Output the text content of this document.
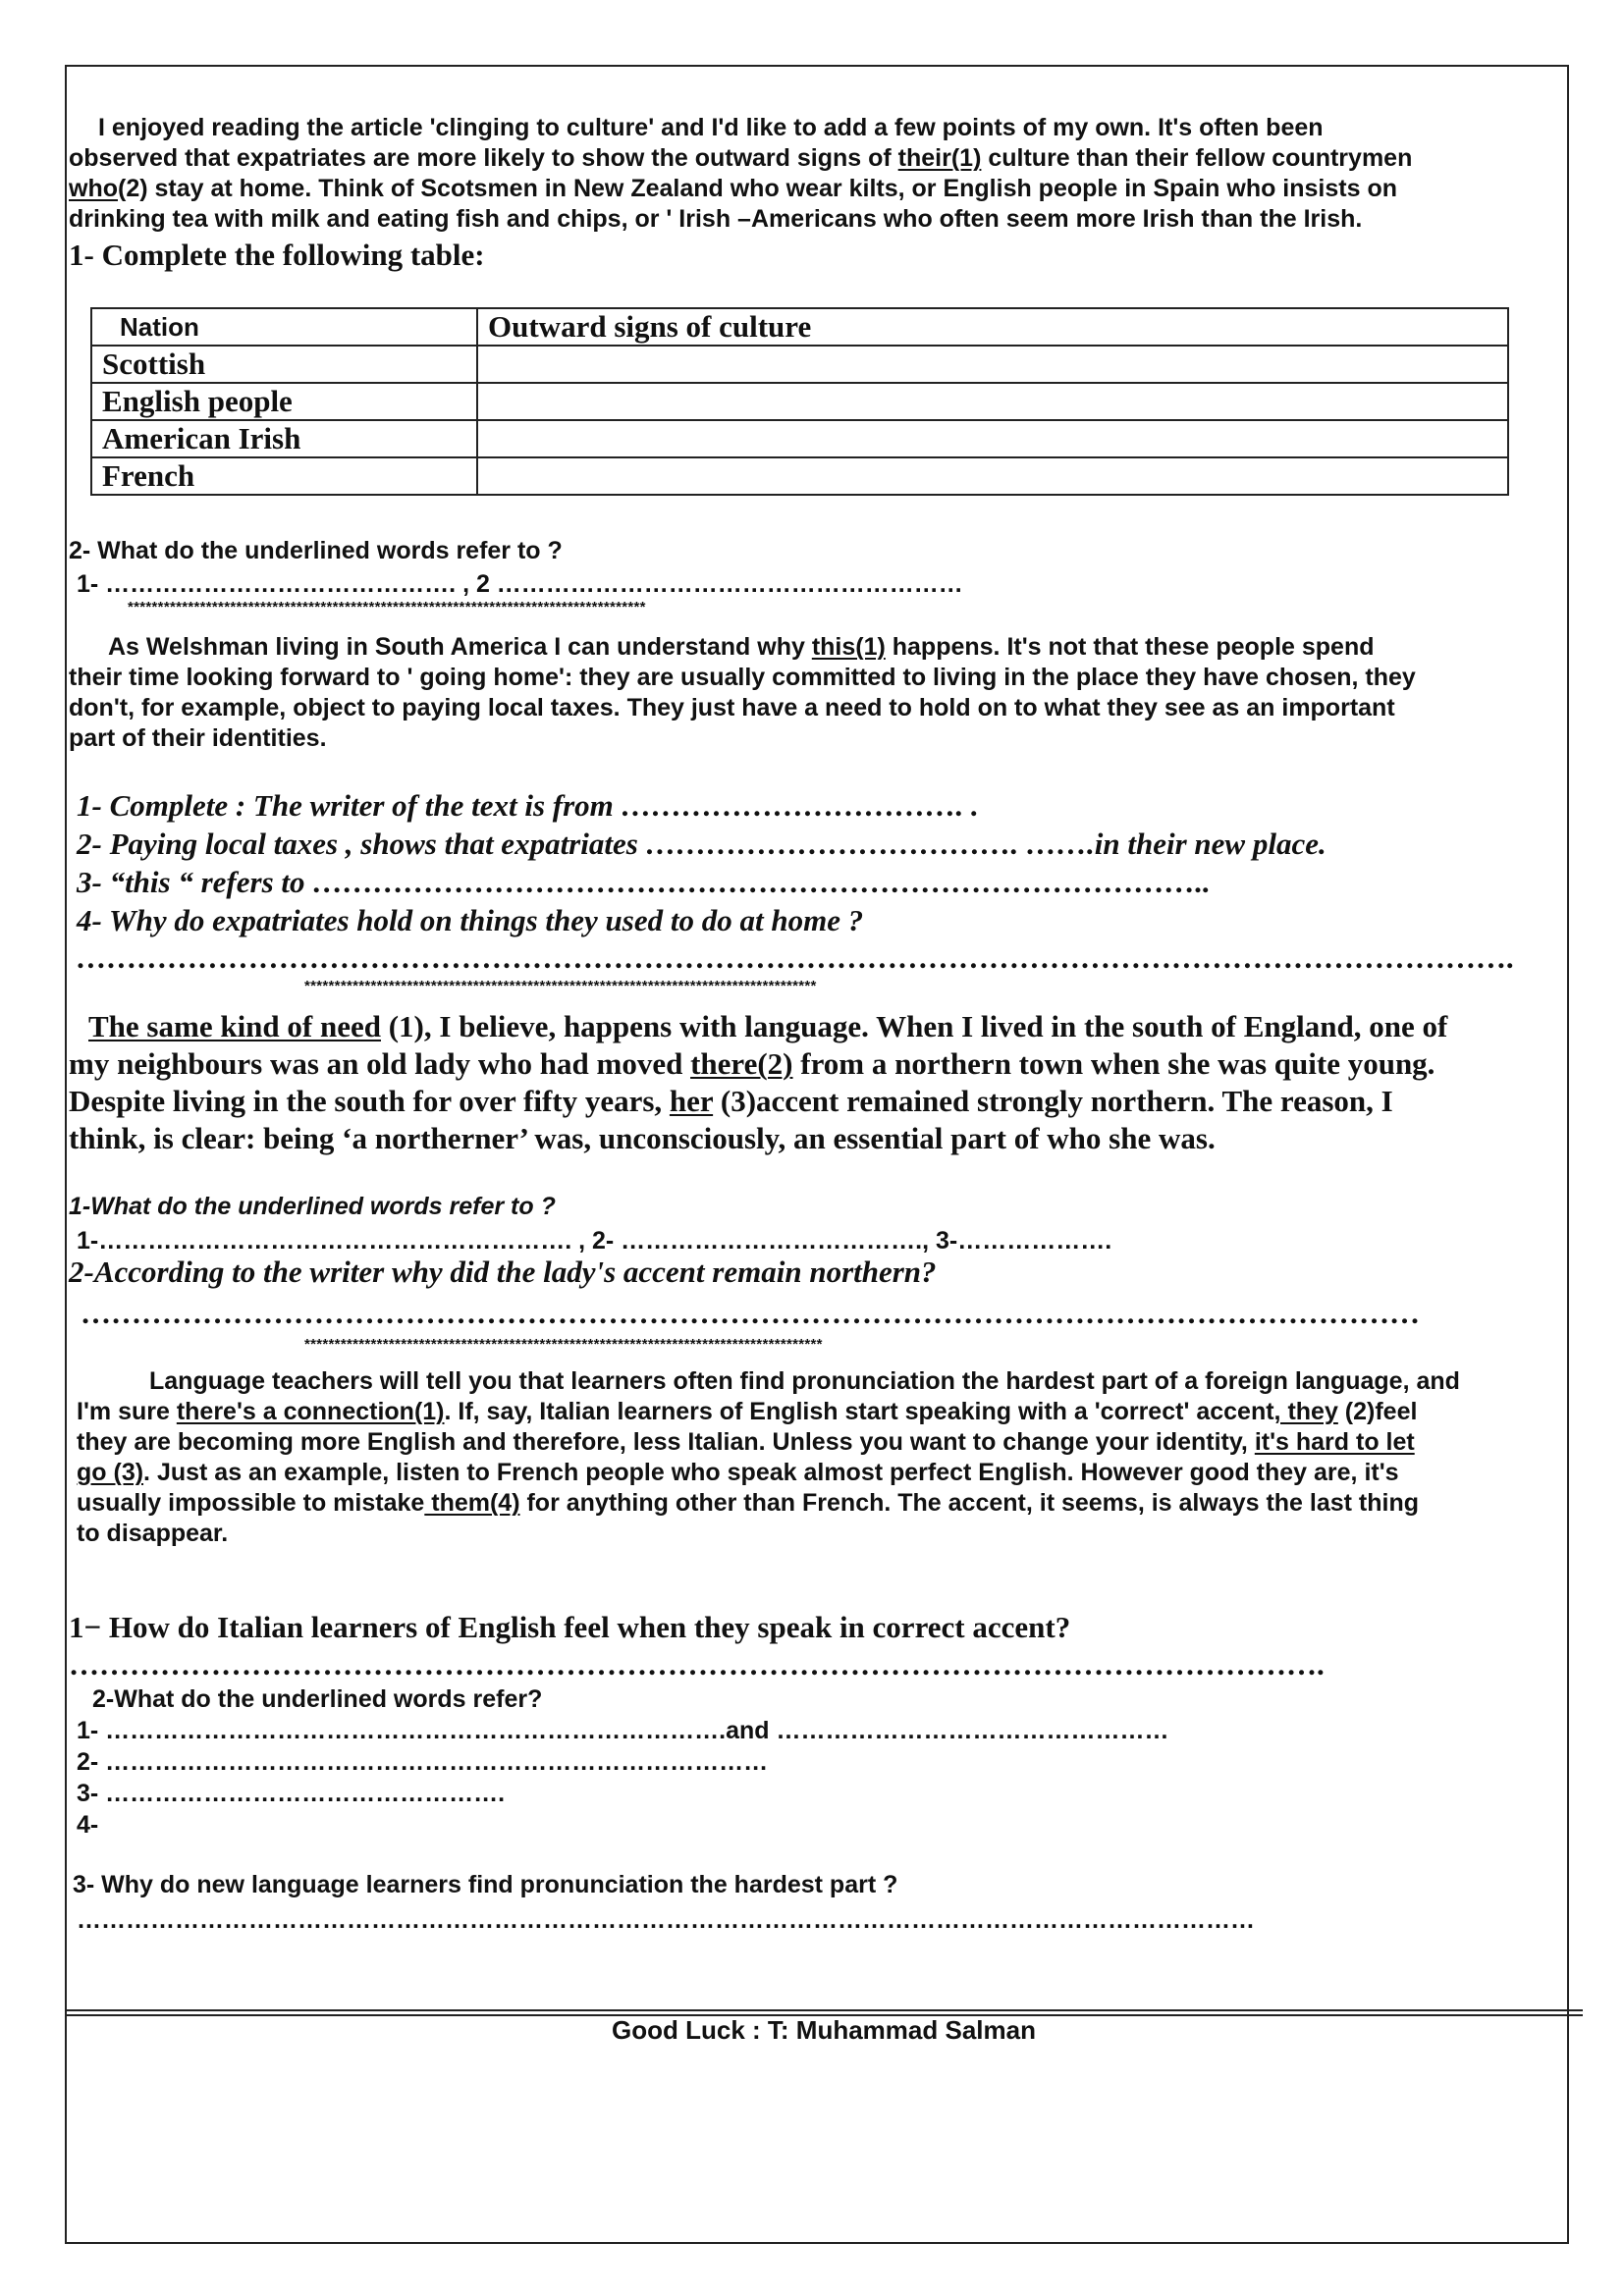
I enjoyed reading the article 'clinging to culture' and I'd like to add a few points of my own. It's often been

observed that expatriates are more likely to show the outward signs of their(1) culture than their fellow countrymen

who(2) stay at home. Think of Scotsmen in New Zealand who wear kilts, or English people in Spain who insists on

drinking tea with milk and eating fish and chips, or ' Irish –Americans who often seem more Irish than the Irish.

1- Complete the following table:

Nation	Outward signs of culture
Scottish	
English people	
American Irish	
French	

2- What do the underlined words refer to ?

1- ……………………………………. , 2 …………………………………………………

**************************************************************************************

As Welshman living in South America I can understand why this(1) happens. It's not that these people spend

their time looking forward to ' going home': they are usually committed to living in the place they have chosen, they

don't, for example, object to paying local taxes. They just have a need to hold on to what they see as an important

part of their identities.

1- Complete : The writer of the text is from ……………………………. .

2- Paying local taxes , shows that expatriates ………………………………. …….in their new place.

3- “this “ refers to ……………………………………………………………………………..

4- Why do expatriates hold on things they used to do at home ?

…………………………………………………………………………………………………………………………….

*************************************************************************************

The same kind of need (1), I believe, happens with language. When I lived in the south of England, one of

my neighbours was an old lady who had moved there(2) from a northern town when she was quite young.

Despite living in the south for over fifty years, her (3)accent remained strongly northern. The reason, I

think, is clear: being ‘a northerner’ was, unconsciously, an essential part of who she was.

1-What do the underlined words refer to ?

1-…………………………………………………. , 2- ………………………………., 3-……………….

2-According to the writer why did the lady's accent remain northern?

……………………………………………………………………………………………………………………

**************************************************************************************

Language teachers will tell you that learners often find pronunciation the hardest part of a foreign language, and

I'm sure there's a connection(1). If, say, Italian learners of English start speaking with a 'correct' accent, they (2)feel

they are becoming more English and therefore, less Italian. Unless you want to change your identity, it's hard to let

go (3). Just as an example, listen to French people who speak almost perfect English. However good they are, it's

usually impossible to mistake them(4) for anything other than French. The accent, it seems, is always the last thing

to disappear.

1− How do Italian learners of English feel when they speak in correct accent?

…………………………………………………………………………………………………………….

2-What do the underlined words refer?

1- ………………………………………………………………….and …………………………………………

2- ………………………………………………………………………

3- ………………………………………….

4-

3- Why do new language learners find pronunciation the hardest part ?

………………………………………………………………………………………………………………………………

Good Luck : T: Muhammad Salman
